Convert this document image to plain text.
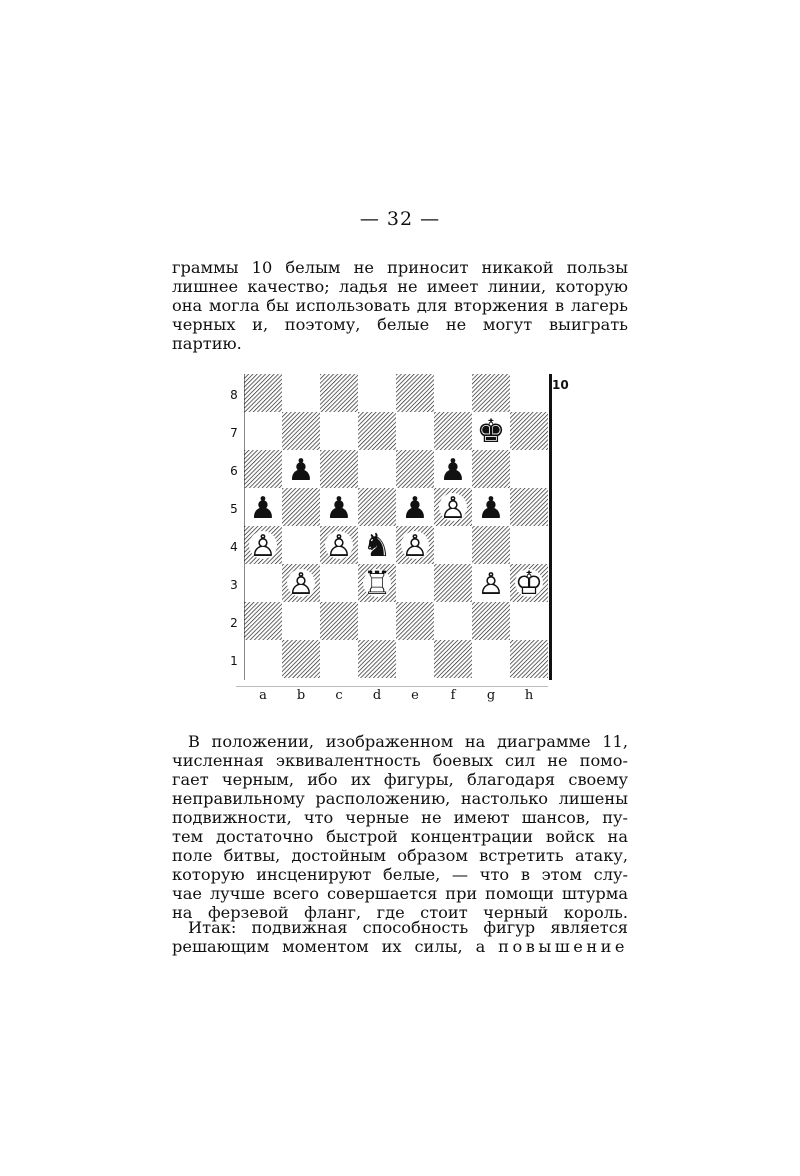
— 32 —

граммы 10 белым не приносит никакой пользы
лишнее качество; ладья не имеет линии, которую
она могла бы использовать для вторжения в лагерь
черных и, поэтому, белые не могут выиграть
партию.

10
8
7
6
5
4
3
2
1
a	b	c	d	e	f	g	h
♚
♟	♟
♟ ♟ ♟ ♙ ♟
♙ ♙ ♞ ♙
♙ ♖	♙ ♔

В положении, изображенном на диаграмме 11,
численная эквивалентность боевых сил не помо-
гает черным, ибо их фигуры, благодаря своему
неправильному расположению, настолько лишены
подвижности, что черные не имеют шансов, пу-
тем достаточно быстрой концентрации войск на
поле битвы, достойным образом встретить атаку,
которую инсценируют белые, — что в этом слу-
чае лучше всего совершается при помощи штурма
на ферзевой фланг, где стоит черный король.

Итак: подвижная способность фигур является
решающим моментом их силы, а повышение
